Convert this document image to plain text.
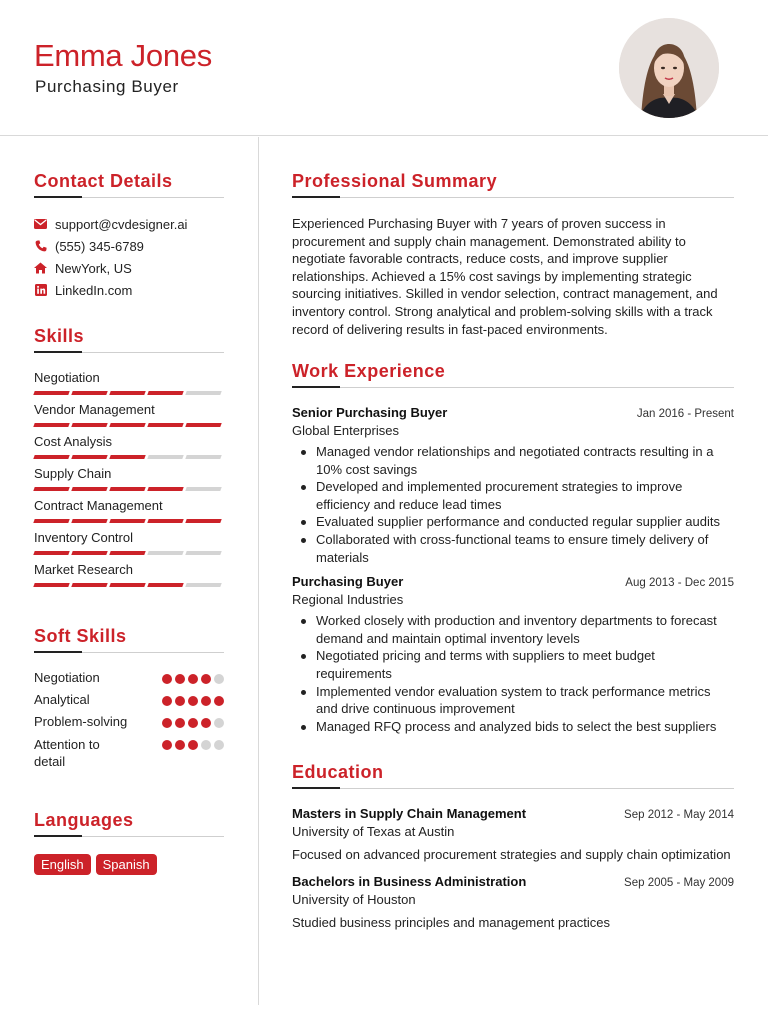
Emma Jones
Purchasing Buyer
Contact Details
support@cvdesigner.ai
(555) 345-6789
NewYork, US
LinkedIn.com
Skills
Negotiation
Vendor Management
Cost Analysis
Supply Chain
Contract Management
Inventory Control
Market Research
Soft Skills
Negotiation
Analytical
Problem-solving
Attention to detail
Languages
English	Spanish
Professional Summary

Experienced Purchasing Buyer with 7 years of proven success in procurement and supply chain management. Demonstrated ability to negotiate favorable contracts, reduce costs, and improve supplier relationships. Achieved a 15% cost savings by implementing strategic sourcing initiatives. Skilled in vendor selection, contract management, and inventory control. Strong analytical and problem-solving skills with a track record of delivering results in fast-paced environments.

Work Experience
Senior Purchasing Buyer	Jan 2016 - Present
Global Enterprises
Managed vendor relationships and negotiated contracts resulting in a 10% cost savings
Developed and implemented procurement strategies to improve efficiency and reduce lead times
Evaluated supplier performance and conducted regular supplier audits
Collaborated with cross-functional teams to ensure timely delivery of materials
Purchasing Buyer	Aug 2013 - Dec 2015
Regional Industries
Worked closely with production and inventory departments to forecast demand and maintain optimal inventory levels
Negotiated pricing and terms with suppliers to meet budget requirements
Implemented vendor evaluation system to track performance metrics and drive continuous improvement
Managed RFQ process and analyzed bids to select the best suppliers
Education
Masters in Supply Chain Management	Sep 2012 - May 2014
University of Texas at Austin
Focused on advanced procurement strategies and supply chain optimization
Bachelors in Business Administration	Sep 2005 - May 2009
University of Houston
Studied business principles and management practices
